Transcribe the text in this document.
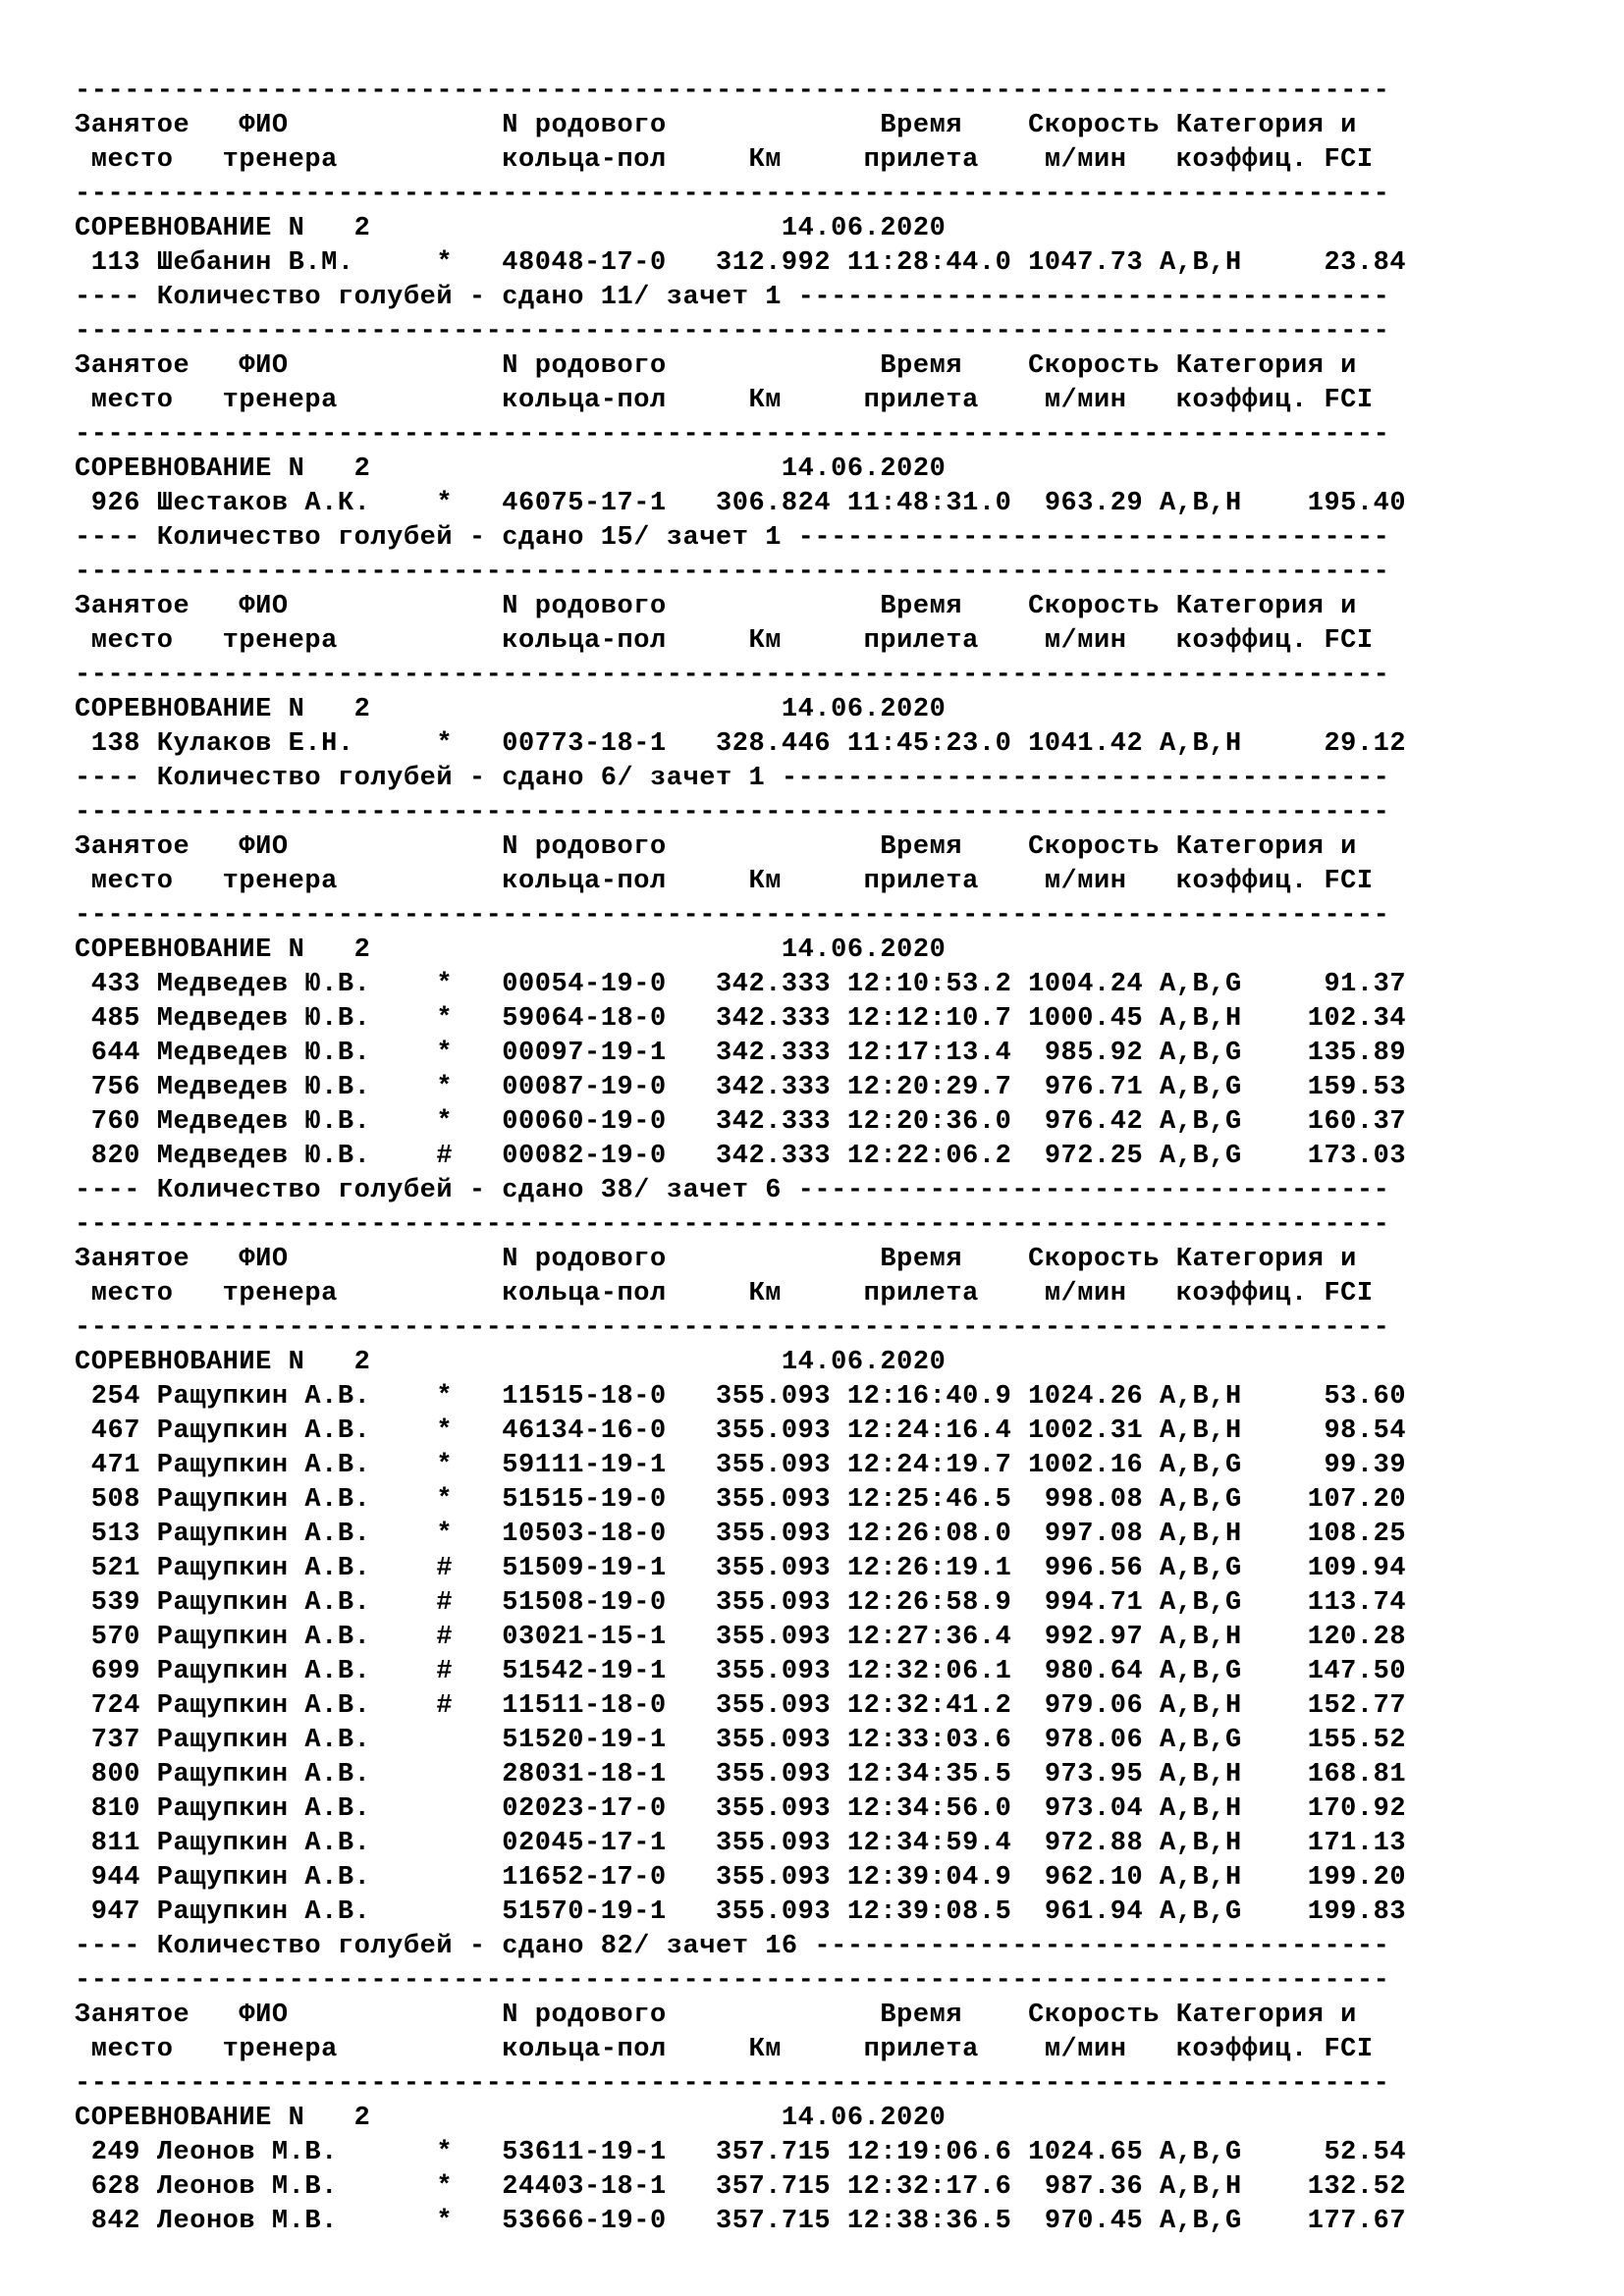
--------------------------------------------------------------------------------
Занятое   ФИО             N родового             Время    Скорость Категория и
место   тренера          кольца-пол     Км     прилета    м/мин   коэффиц. FCI
--------------------------------------------------------------------------------
СОРЕВНОВАНИЕ N   2                         14.06.2020
113 Шебанин В.М.     *   48048-17-0   312.992 11:28:44.0 1047.73 A,B,H     23.84
---- Количество голубей - сдано 11/ зачет 1 ------------------------------------
--------------------------------------------------------------------------------
Занятое   ФИО             N родового             Время    Скорость Категория и
место   тренера          кольца-пол     Км     прилета    м/мин   коэффиц. FCI
--------------------------------------------------------------------------------
СОРЕВНОВАНИЕ N   2                         14.06.2020
926 Шестаков А.К.    *   46075-17-1   306.824 11:48:31.0  963.29 A,B,H    195.40
---- Количество голубей - сдано 15/ зачет 1 ------------------------------------
--------------------------------------------------------------------------------
Занятое   ФИО             N родового             Время    Скорость Категория и
место   тренера          кольца-пол     Км     прилета    м/мин   коэффиц. FCI
--------------------------------------------------------------------------------
СОРЕВНОВАНИЕ N   2                         14.06.2020
138 Кулаков Е.Н.     *   00773-18-1   328.446 11:45:23.0 1041.42 A,B,H     29.12
---- Количество голубей - сдано 6/ зачет 1 -------------------------------------
--------------------------------------------------------------------------------
Занятое   ФИО             N родового             Время    Скорость Категория и
место   тренера          кольца-пол     Км     прилета    м/мин   коэффиц. FCI
--------------------------------------------------------------------------------
СОРЕВНОВАНИЕ N   2                         14.06.2020
433 Медведев Ю.В.    *   00054-19-0   342.333 12:10:53.2 1004.24 A,B,G     91.37
485 Медведев Ю.В.    *   59064-18-0   342.333 12:12:10.7 1000.45 A,B,H    102.34
644 Медведев Ю.В.    *   00097-19-1   342.333 12:17:13.4  985.92 A,B,G    135.89
756 Медведев Ю.В.    *   00087-19-0   342.333 12:20:29.7  976.71 A,B,G    159.53
760 Медведев Ю.В.    *   00060-19-0   342.333 12:20:36.0  976.42 A,B,G    160.37
820 Медведев Ю.В.    #   00082-19-0   342.333 12:22:06.2  972.25 A,B,G    173.03
---- Количество голубей - сдано 38/ зачет 6 ------------------------------------
--------------------------------------------------------------------------------
Занятое   ФИО             N родового             Время    Скорость Категория и
место   тренера          кольца-пол     Км     прилета    м/мин   коэффиц. FCI
--------------------------------------------------------------------------------
СОРЕВНОВАНИЕ N   2                         14.06.2020
254 Ращупкин А.В.    *   11515-18-0   355.093 12:16:40.9 1024.26 A,B,H     53.60
467 Ращупкин А.В.    *   46134-16-0   355.093 12:24:16.4 1002.31 A,B,H     98.54
471 Ращупкин А.В.    *   59111-19-1   355.093 12:24:19.7 1002.16 A,B,G     99.39
508 Ращупкин А.В.    *   51515-19-0   355.093 12:25:46.5  998.08 A,B,G    107.20
513 Ращупкин А.В.    *   10503-18-0   355.093 12:26:08.0  997.08 A,B,H    108.25
521 Ращупкин А.В.    #   51509-19-1   355.093 12:26:19.1  996.56 A,B,G    109.94
539 Ращупкин А.В.    #   51508-19-0   355.093 12:26:58.9  994.71 A,B,G    113.74
570 Ращупкин А.В.    #   03021-15-1   355.093 12:27:36.4  992.97 A,B,H    120.28
699 Ращупкин А.В.    #   51542-19-1   355.093 12:32:06.1  980.64 A,B,G    147.50
724 Ращупкин А.В.    #   11511-18-0   355.093 12:32:41.2  979.06 A,B,H    152.77
737 Ращупкин А.В.        51520-19-1   355.093 12:33:03.6  978.06 A,B,G    155.52
800 Ращупкин А.В.        28031-18-1   355.093 12:34:35.5  973.95 A,B,H    168.81
810 Ращупкин А.В.        02023-17-0   355.093 12:34:56.0  973.04 A,B,H    170.92
811 Ращупкин А.В.        02045-17-1   355.093 12:34:59.4  972.88 A,B,H    171.13
944 Ращупкин А.В.        11652-17-0   355.093 12:39:04.9  962.10 A,B,H    199.20
947 Ращупкин А.В.        51570-19-1   355.093 12:39:08.5  961.94 A,B,G    199.83
---- Количество голубей - сдано 82/ зачет 16 -----------------------------------
--------------------------------------------------------------------------------
Занятое   ФИО             N родового             Время    Скорость Категория и
место   тренера          кольца-пол     Км     прилета    м/мин   коэффиц. FCI
--------------------------------------------------------------------------------
СОРЕВНОВАНИЕ N   2                         14.06.2020
249 Леонов М.В.      *   53611-19-1   357.715 12:19:06.6 1024.65 A,B,G     52.54
628 Леонов М.В.      *   24403-18-1   357.715 12:32:17.6  987.36 A,B,H    132.52
842 Леонов М.В.      *   53666-19-0   357.715 12:38:36.5  970.45 A,B,G    177.67
